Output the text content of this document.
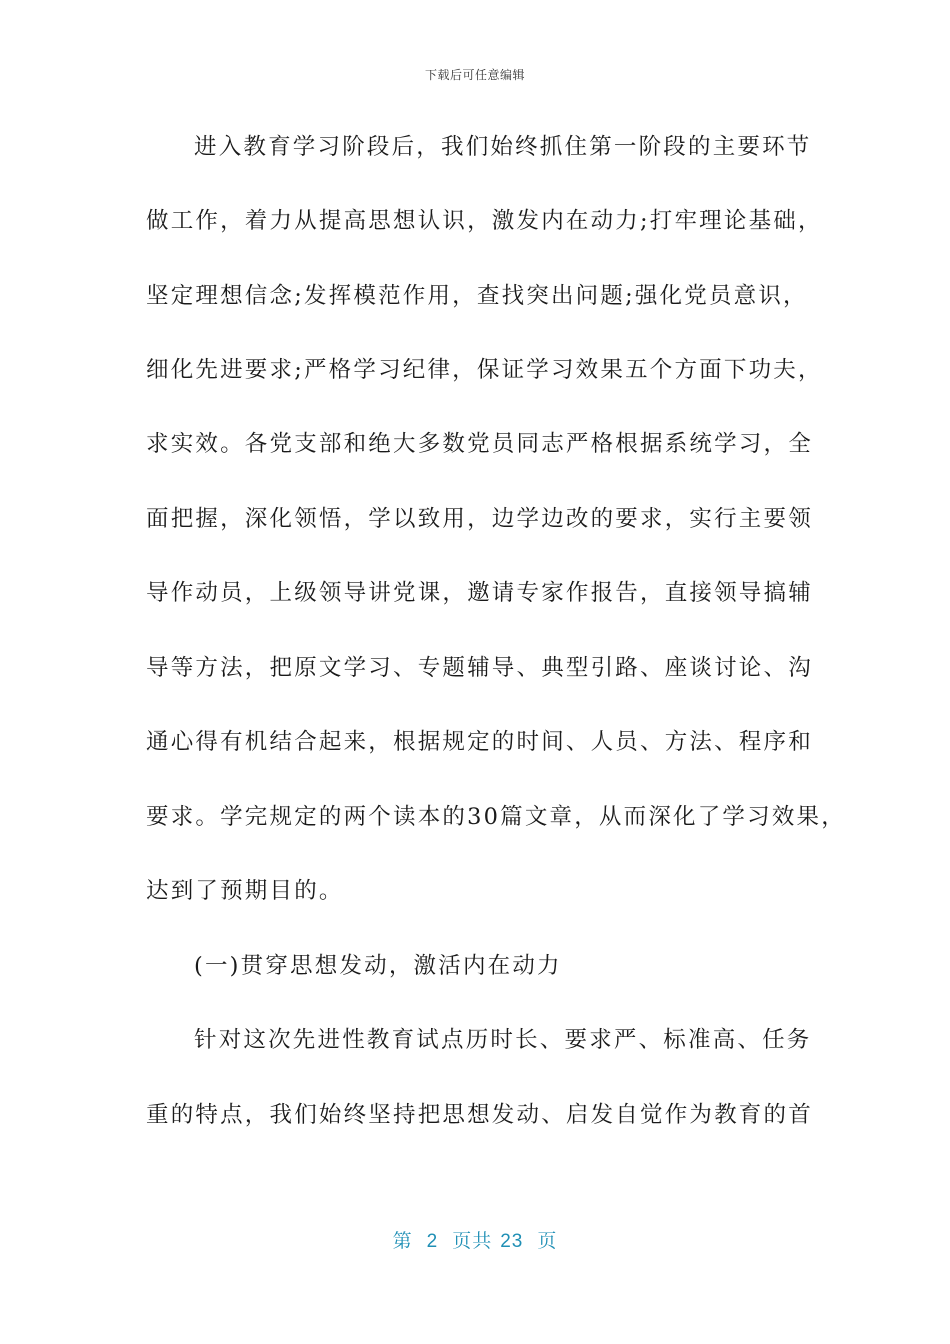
下载后可任意编辑
进入教育学习阶段后，我们始终抓住第一阶段的主要环节
做工作，着力从提高思想认识，激发内在动力;打牢理论基础，
坚定理想信念;发挥模范作用，查找突出问题;强化党员意识，
细化先进要求;严格学习纪律，保证学习效果五个方面下功夫，
求实效。各党支部和绝大多数党员同志严格根据系统学习，全
面把握，深化领悟，学以致用，边学边改的要求，实行主要领
导作动员，上级领导讲党课，邀请专家作报告，直接领导搞辅
导等方法，把原文学习、专题辅导、典型引路、座谈讨论、沟
通心得有机结合起来，根据规定的时间、人员、方法、程序和
要求。学完规定的两个读本的30篇文章，从而深化了学习效果，
达到了预期目的。
(一)贯穿思想发动，激活内在动力
针对这次先进性教育试点历时长、要求严、标准高、任务
重的特点，我们始终坚持把思想发动、启发自觉作为教育的首
第 2 页共 23 页
